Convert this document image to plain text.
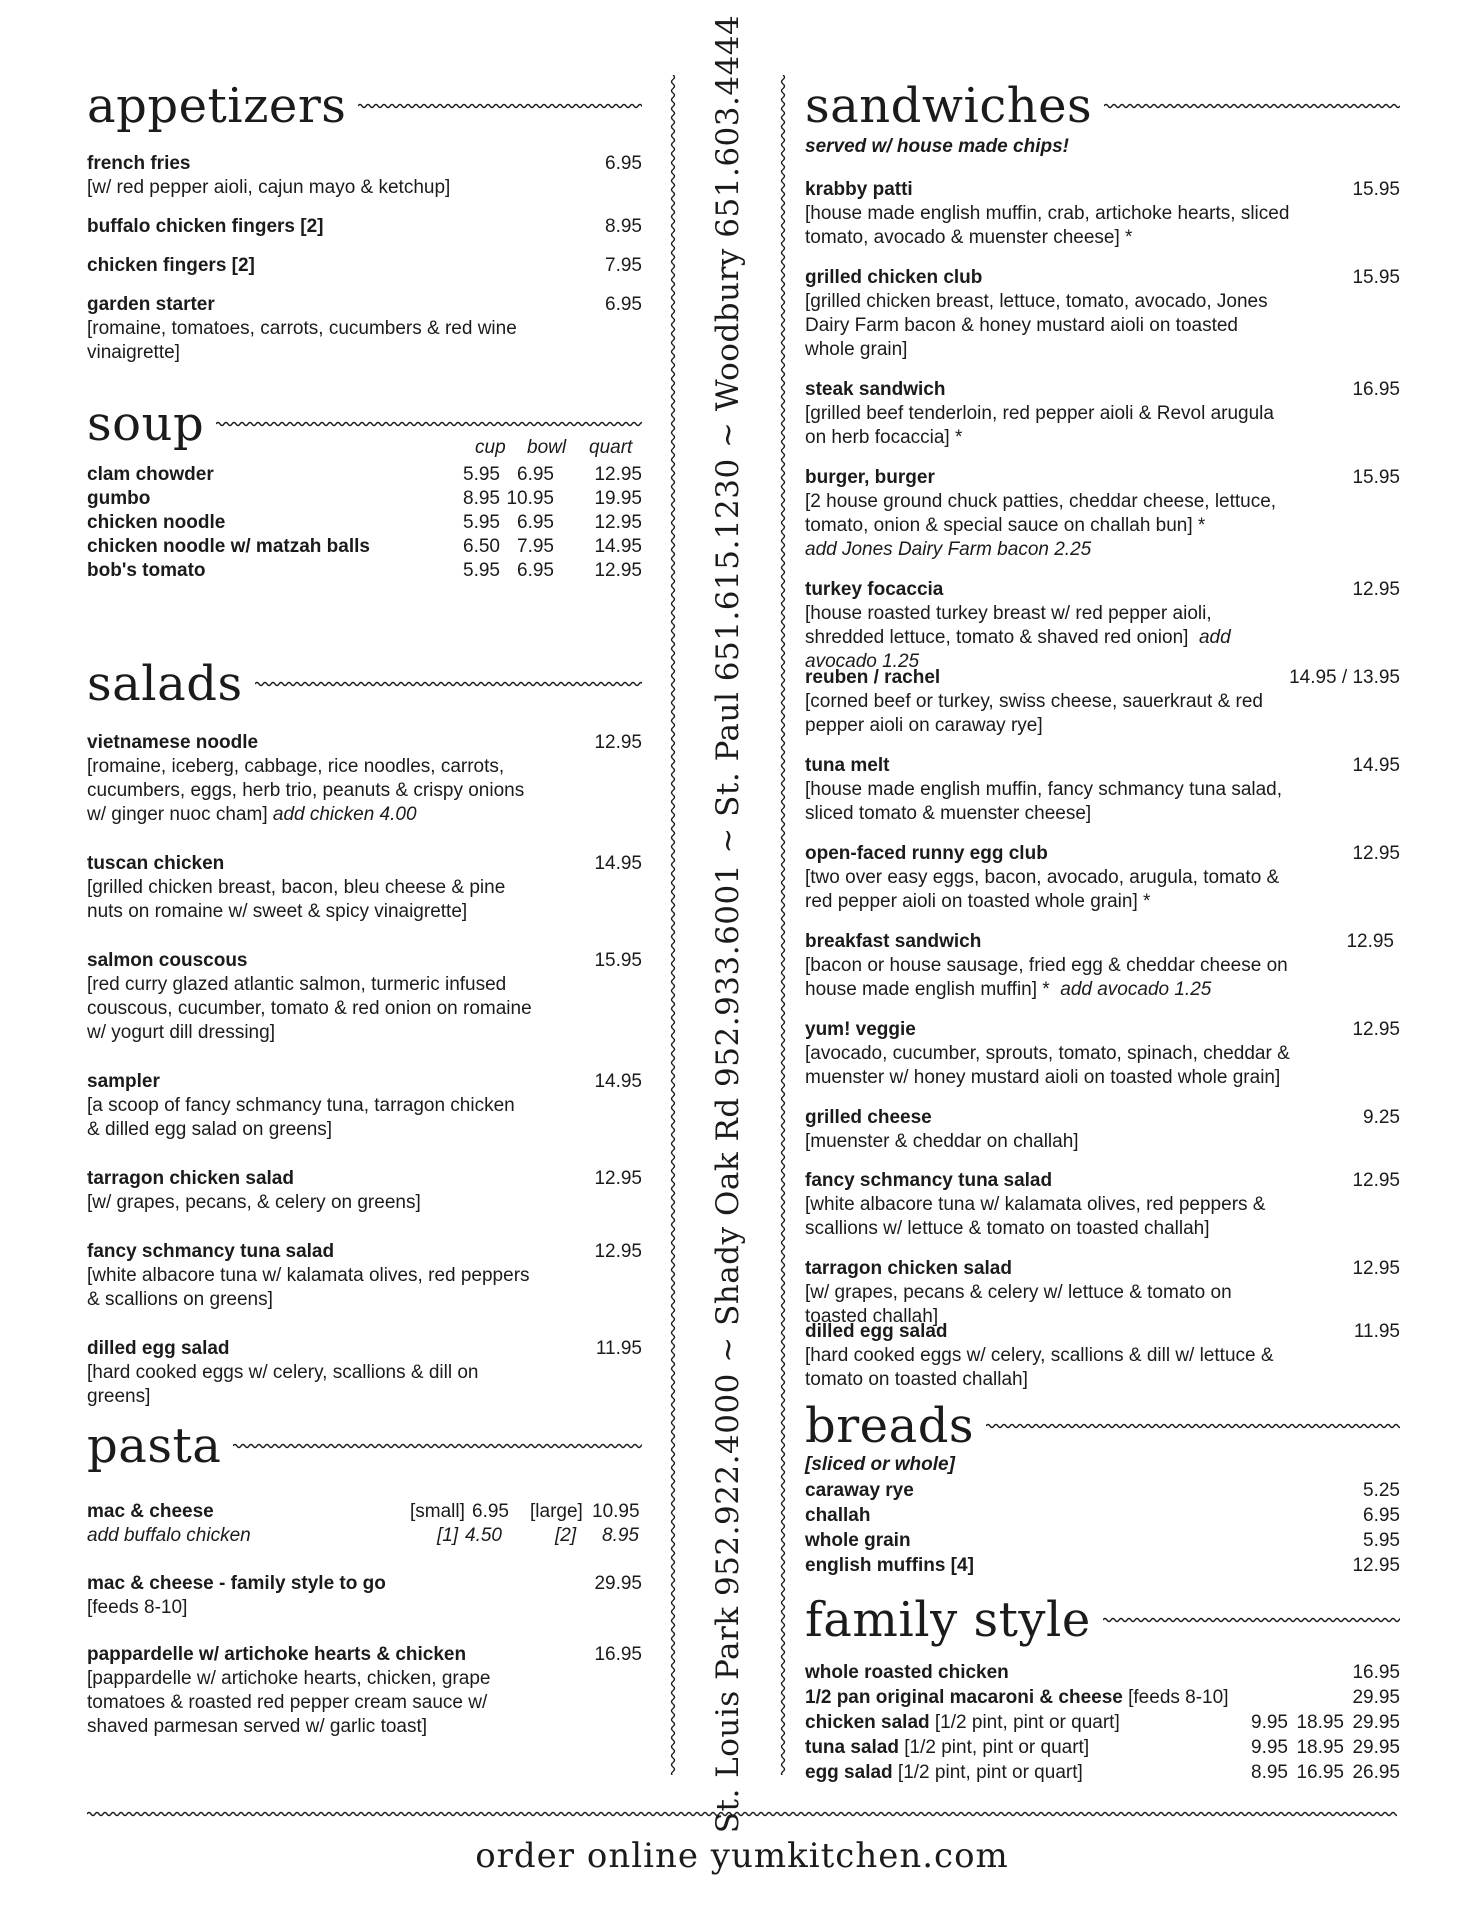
appetizers
french fries	6.95
[w/ red pepper aioli, cajun mayo & ketchup]
buffalo chicken fingers [2]	8.95
chicken fingers [2]	7.95
garden starter	6.95
[romaine, tomatoes, carrots, cucumbers & red wine vinaigrette]
soup	cup bowl quart
clam chowder	5.95 6.95 12.95
gumbo	8.95 10.95 19.95
chicken noodle	5.95 6.95 12.95
chicken noodle w/ matzah balls	6.50 7.95 14.95
bob's tomato	5.95 6.95 12.95
salads
vietnamese noodle	12.95
[romaine, iceberg, cabbage, rice noodles, carrots, cucumbers, eggs, herb trio, peanuts & crispy onions w/ ginger nuoc cham] add chicken 4.00
tuscan chicken	14.95
[grilled chicken breast, bacon, bleu cheese & pine nuts on romaine w/ sweet & spicy vinaigrette]
salmon couscous	15.95
[red curry glazed atlantic salmon, turmeric infused couscous, cucumber, tomato & red onion on romaine w/ yogurt dill dressing]
sampler	14.95
[a scoop of fancy schmancy tuna, tarragon chicken & dilled egg salad on greens]
tarragon chicken salad	12.95
[w/ grapes, pecans, & celery on greens]
fancy schmancy tuna salad	12.95
[white albacore tuna w/ kalamata olives, red peppers & scallions on greens]
dilled egg salad	11.95
[hard cooked eggs w/ celery, scallions & dill on greens]
pasta
mac & cheese	[small] 6.95 [large] 10.95
add buffalo chicken	[1] 4.50	[2] 8.95
mac & cheese - family style to go	29.95
[feeds 8-10]
pappardelle w/ artichoke hearts & chicken	16.95
[pappardelle w/ artichoke hearts, chicken, grape tomatoes & roasted red pepper cream sauce w/ shaved parmesan served w/ garlic toast]	St. Louis Park 952.922.4000 ~ Shady Oak Rd 952.933.6001 ~ St. Paul 651.615.1230 ~ Woodbury 651.603.4444 sandwiches
served w/ house made chips!
krabby patti	15.95
[house made english muffin, crab, artichoke hearts, sliced tomato, avocado & muenster cheese] *
grilled chicken club	15.95
[grilled chicken breast, lettuce, tomato, avocado, Jones Dairy Farm bacon & honey mustard aioli on toasted whole grain]
steak sandwich	16.95
[grilled beef tenderloin, red pepper aioli & Revol arugula on herb focaccia] *
burger, burger	15.95
[2 house ground chuck patties, cheddar cheese, lettuce, tomato, onion & special sauce on challah bun] *
add Jones Dairy Farm bacon 2.25
turkey focaccia	12.95
[house roasted turkey breast w/ red pepper aioli, shredded lettuce, tomato & shaved red onion] add avocado 1.25
reuben / rachel	14.95 / 13.95
[corned beef or turkey, swiss cheese, sauerkraut & red pepper aioli on caraway rye]
tuna melt	14.95
[house made english muffin, fancy schmancy tuna salad, sliced tomato & muenster cheese]
open-faced runny egg club	12.95
[two over easy eggs, bacon, avocado, arugula, tomato & red pepper aioli on toasted whole grain] *
breakfast sandwich	12.95
[bacon or house sausage, fried egg & cheddar cheese on house made english muffin] * add avocado 1.25
yum! veggie	12.95
[avocado, cucumber, sprouts, tomato, spinach, cheddar & muenster w/ honey mustard aioli on toasted whole grain]
grilled cheese	9.25
[muenster & cheddar on challah]
fancy schmancy tuna salad	12.95
[white albacore tuna w/ kalamata olives, red peppers & scallions w/ lettuce & tomato on toasted challah]
tarragon chicken salad	12.95
[w/ grapes, pecans & celery w/ lettuce & tomato on toasted challah]
dilled egg salad	11.95
[hard cooked eggs w/ celery, scallions & dill w/ lettuce & tomato on toasted challah]
breads
[sliced or whole]
caraway rye	5.25
challah	6.95
whole grain	5.95
english muffins [4]	12.95
family style
whole roasted chicken	16.95
1/2 pan original macaroni & cheese [feeds 8-10]	29.95
chicken salad [1/2 pint, pint or quart]	9.95 18.95 29.95
tuna salad [1/2 pint, pint or quart]	9.95 18.95 29.95
egg salad [1/2 pint, pint or quart]	8.95 16.95 26.95
order online yumkitchen.com
